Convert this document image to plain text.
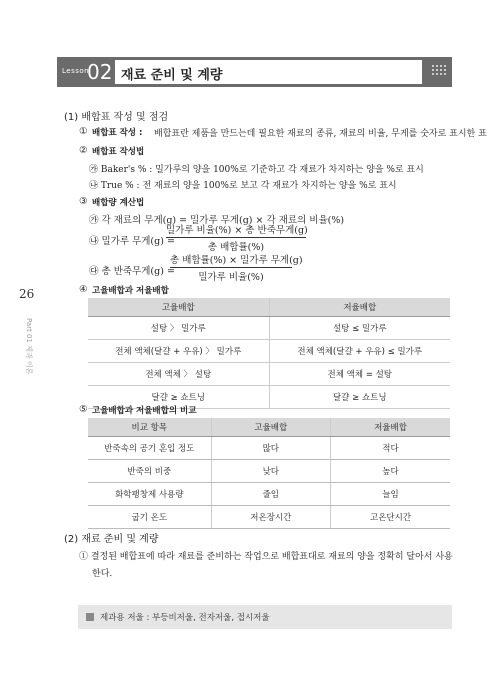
Lesson
02 재료 준비 및 계량
26
Part 01 제과 이론
(1) 배합표 작성 및 점검
① 배합표 작성 : 배합표란 제품을 만드는데 필요한 재료의 종류, 재료의 비율, 무게를 숫자로 표시한 표
② 배합표 작성법
㉮ Baker's % : 밀가루의 양을 100%로 기준하고 각 재료가 차지하는 양을 %로 표시
㉯ True % : 전 재료의 양을 100%로 보고 각 재료가 차지하는 양을 %로 표시
③ 배합량 계산법
㉮ 각 재료의 무게(g) = 밀가루 무게(g) × 각 재료의 비율(%)
㉯ 밀가루 무게(g) =
밀가루 비율(%) × 총 반죽무게(g)
총 배합률(%)
㉰ 총 반죽무게(g) =
총 배합률(%) × 밀가루 무게(g)
밀가루 비율(%)
④ 고율배합과 저율배합
고율배합	저율배합
설탕 〉 밀가루	설탕 ≤ 밀가루
전체 액체(달걀 + 우유) 〉 밀가루	전체 액체(달걀 + 우유) ≤ 밀가루
전체 액체 〉 설탕	전체 액체 = 설탕
달걀 ≥ 쇼트닝	달걀 ≥ 쇼트닝
⑤ 고율배합과 저율배합의 비교
비교 항목	고율배합	저율배합
반죽속의 공기 혼입 정도	많다	적다
반죽의 비중	낮다	높다
화학팽창제 사용량	줄임	늘임
굽기 온도	저온장시간	고온단시간
(2) 재료 준비 및 계량
① 결정된 배합표에 따라 재료를 준비하는 작업으로 배합표대로 재료의 양을 정확히 달아서 사용
한다.
제과용 저울 : 부등비저울, 전자저울, 접시저울
